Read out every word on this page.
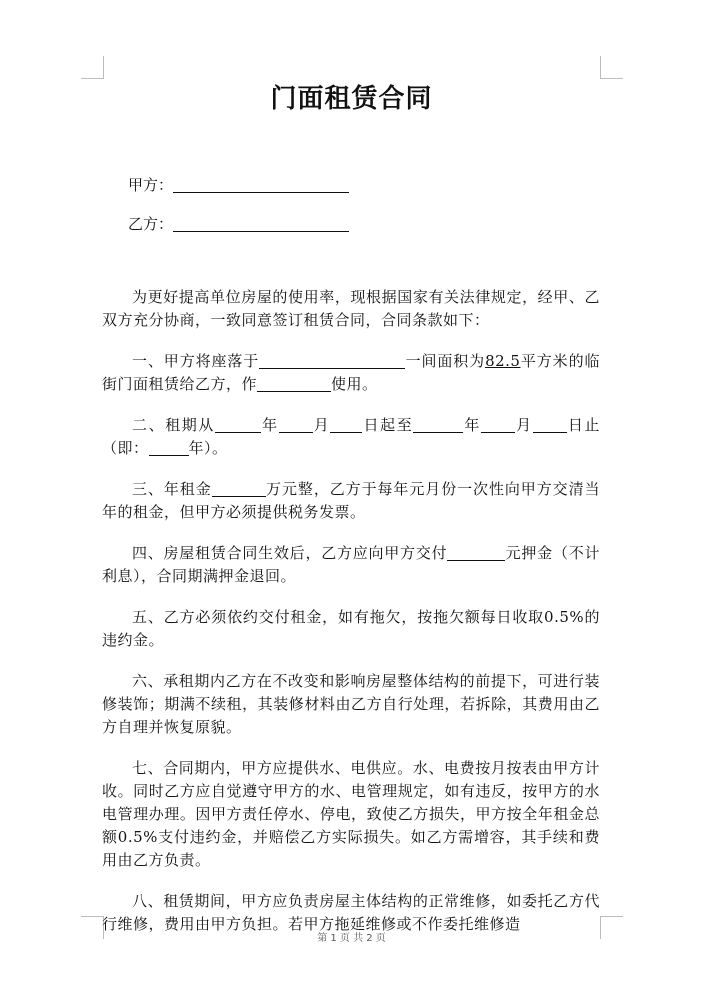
门面租赁合同
甲方：
乙方：

为更好提高单位房屋的使用率，现根据国家有关法律规定，经甲、乙双方充分协商，一致同意签订租赁合同，合同条款如下：

一、甲方将座落于	一间面积为82.5平方米的临街门面租赁给乙方，作	使用。

二、租期从	年 月 日起至	年 月 日止（即：	年）。

三、年租金	万元整，乙方于每年元月份一次性向甲方交清当年的租金，但甲方必须提供税务发票。

四、房屋租赁合同生效后，乙方应向甲方交付	元押金（不计利息），合同期满押金退回。

五、乙方必须依约交付租金，如有拖欠，按拖欠额每日收取0.5%的违约金。

六、承租期内乙方在不改变和影响房屋整体结构的前提下，可进行装修装饰；期满不续租，其装修材料由乙方自行处理，若拆除，其费用由乙方自理并恢复原貌。

七、合同期内，甲方应提供水、电供应。水、电费按月按表由甲方计收。同时乙方应自觉遵守甲方的水、电管理规定，如有违反，按甲方的水电管理办理。因甲方责任停水、停电，致使乙方损失，甲方按全年租金总额0.5%支付违约金，并赔偿乙方实际损失。如乙方需增容，其手续和费用由乙方负责。

八、租赁期间，甲方应负责房屋主体结构的正常维修，如委托乙方代行维修，费用由甲方负担。若甲方拖延维修或不作委托维修造

第 1 页 共 2 页
